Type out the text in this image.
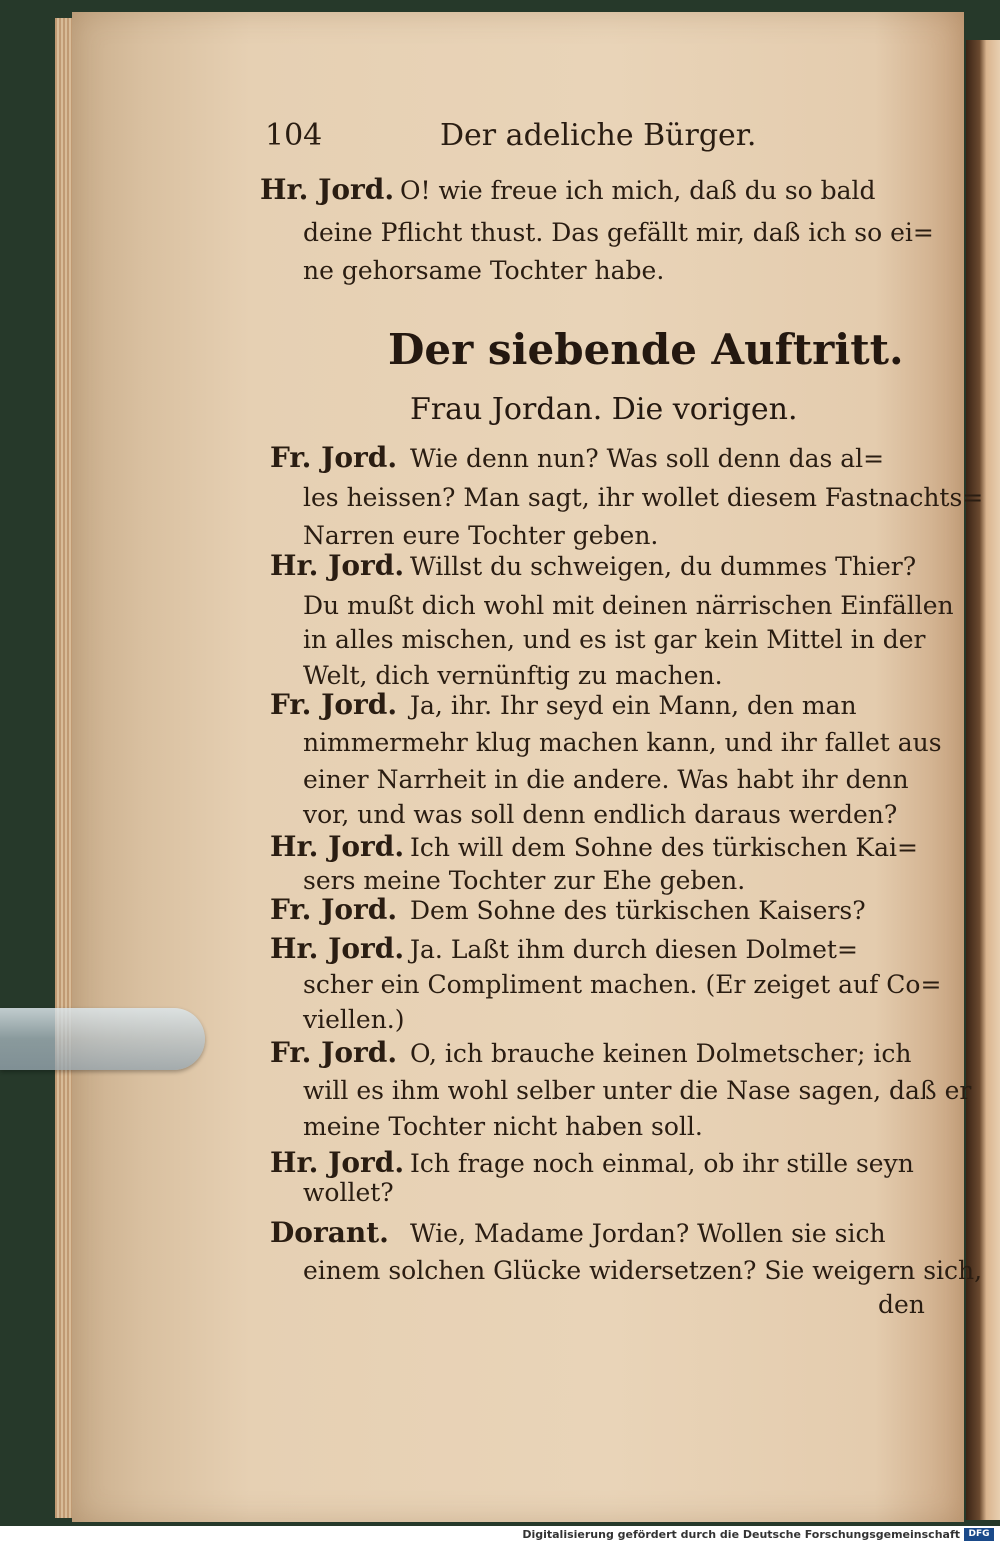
104	Der adeliche Bürger.
Hr. Jord. O! wie freue ich mich, daß du so bald
deine Pflicht thust. Das gefällt mir, daß ich so ei=
ne gehorsame Tochter habe.
Der siebende Auftritt.
Frau Jordan. Die vorigen.
Fr. Jord. Wie denn nun? Was soll denn das al=
les heissen? Man sagt, ihr wollet diesem Fastnachts=
Narren eure Tochter geben.
Hr. Jord. Willst du schweigen, du dummes Thier?
Du mußt dich wohl mit deinen närrischen Einfällen
in alles mischen, und es ist gar kein Mittel in der
Welt, dich vernünftig zu machen.
Fr. Jord. Ja, ihr. Ihr seyd ein Mann, den man
nimmermehr klug machen kann, und ihr fallet aus
einer Narrheit in die andere. Was habt ihr denn
vor, und was soll denn endlich daraus werden?
Hr. Jord. Ich will dem Sohne des türkischen Kai=
sers meine Tochter zur Ehe geben.
Fr. Jord. Dem Sohne des türkischen Kaisers?
Hr. Jord. Ja. Laßt ihm durch diesen Dolmet=
scher ein Compliment machen. (Er zeiget auf Co=
viellen.)
Fr. Jord. O, ich brauche keinen Dolmetscher; ich
will es ihm wohl selber unter die Nase sagen, daß er
meine Tochter nicht haben soll.
Hr. Jord. Ich frage noch einmal, ob ihr stille seyn
wollet?
Dorant. Wie, Madame Jordan? Wollen sie sich
einem solchen Glücke widersetzen? Sie weigern sich,
den
Digitalisierung gefördert durch die Deutsche Forschungsgemeinschaft DFG
